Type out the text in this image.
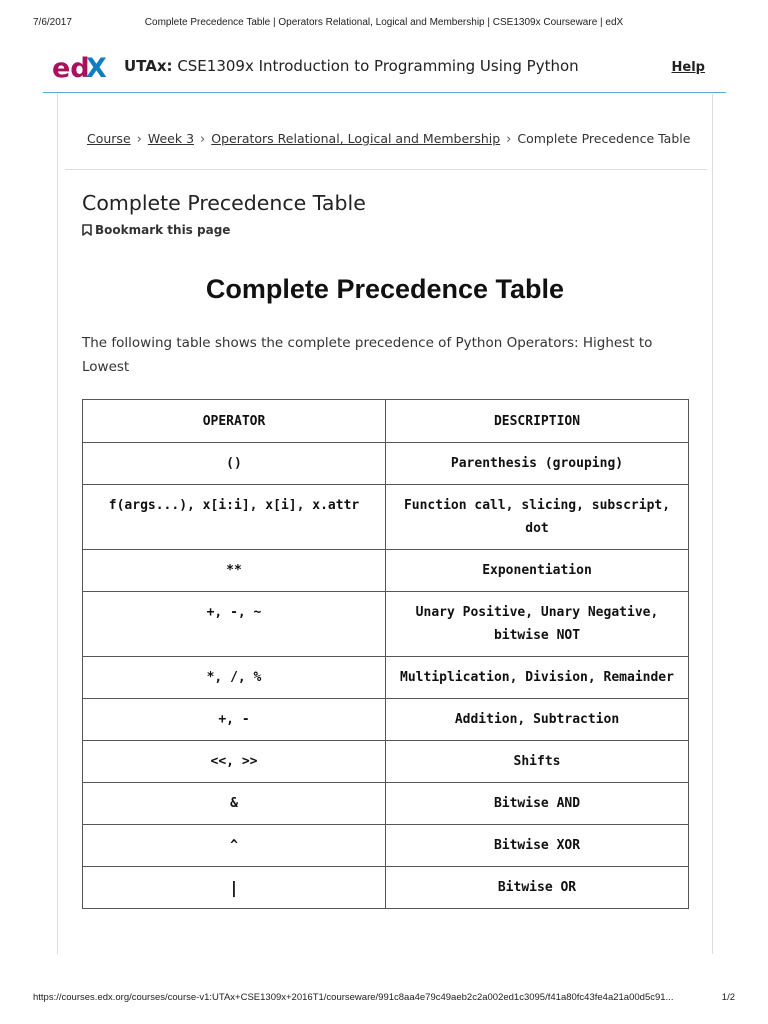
7/6/2017	Complete Precedence Table | Operators Relational, Logical and Membership | CSE1309x Courseware | edX
ed
X UTAx: CSE1309x Introduction to Programming Using Python	Help
Course › Week 3 › Operators Relational, Logical and Membership › Complete Precedence Table
Complete Precedence Table
Bookmark this page
Complete Precedence Table

The following table shows the complete precedence of Python Operators: Highest to Lowest

OPERATOR	DESCRIPTION
()	Parenthesis (grouping)
f(args...), x[i:i], x[i], x.attr	Function call, slicing, subscript, dot
**	Exponentiation
+, -, ~	Unary Positive, Unary Negative, bitwise NOT
*, /, %	Multiplication, Division, Remainder
+, -	Addition, Subtraction
<<, >>	Shifts
&	Bitwise AND
^	Bitwise XOR
|	Bitwise OR
https://courses.edx.org/courses/course-v1:UTAx+CSE1309x+2016T1/courseware/991c8aa4e79c49aeb2c2a002ed1c3095/f41a80fc43fe4a21a00d5c91...	1/2
